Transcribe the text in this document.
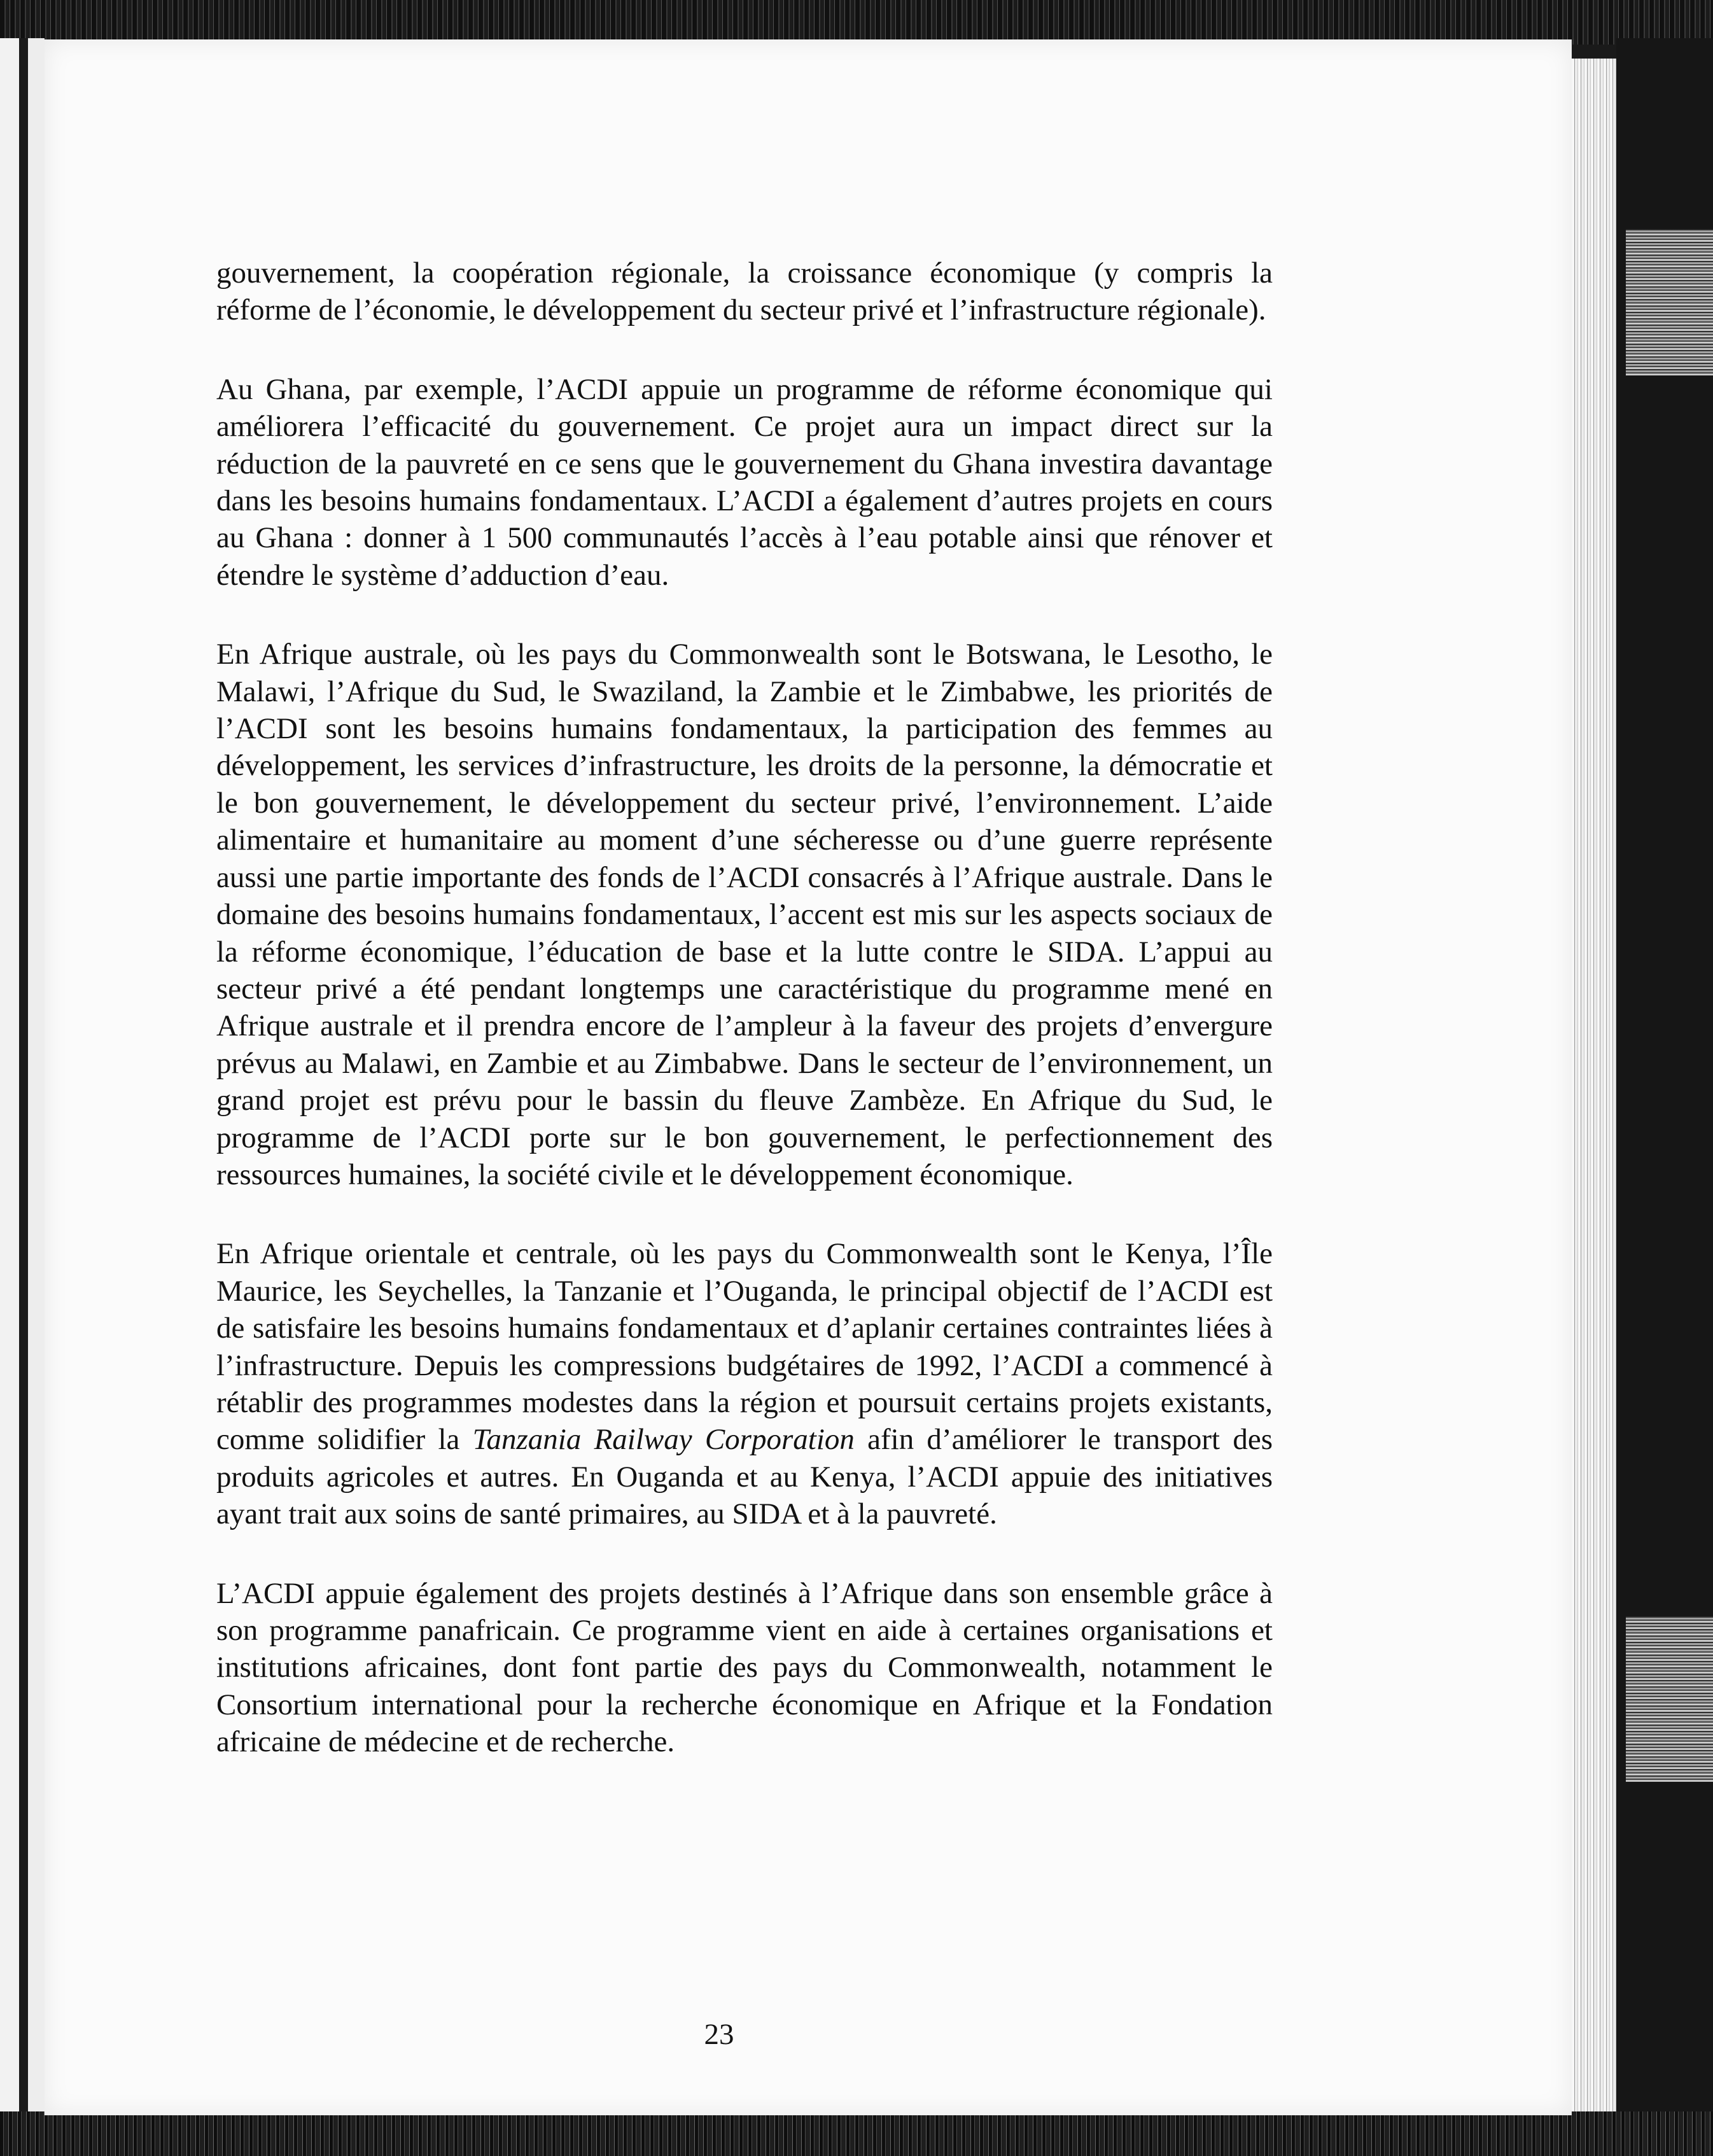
gouvernement, la coopération régionale, la croissance économique (y compris la réforme de l’économie, le développement du secteur privé et l’infrastructure régionale).

Au Ghana, par exemple, l’ACDI appuie un programme de réforme économique qui améliorera l’efficacité du gouvernement. Ce projet aura un impact direct sur la réduction de la pauvreté en ce sens que le gouvernement du Ghana investira davantage dans les besoins humains fondamentaux. L’ACDI a également d’autres projets en cours au Ghana : donner à 1 500 communautés l’accès à l’eau potable ainsi que rénover et étendre le système d’adduction d’eau.

En Afrique australe, où les pays du Commonwealth sont le Botswana, le Lesotho, le Malawi, l’Afrique du Sud, le Swaziland, la Zambie et le Zimbabwe, les priorités de l’ACDI sont les besoins humains fondamentaux, la participation des femmes au développement, les services d’infrastructure, les droits de la personne, la démocratie et le bon gouvernement, le développement du secteur privé, l’environnement. L’aide alimentaire et humanitaire au moment d’une sécheresse ou d’une guerre représente aussi une partie importante des fonds de l’ACDI consacrés à l’Afrique australe. Dans le domaine des besoins humains fondamentaux, l’accent est mis sur les aspects sociaux de la réforme économique, l’éducation de base et la lutte contre le SIDA. L’appui au secteur privé a été pendant longtemps une caractéristique du programme mené en Afrique australe et il prendra encore de l’ampleur à la faveur des projets d’envergure prévus au Malawi, en Zambie et au Zimbabwe. Dans le secteur de l’environnement, un grand projet est prévu pour le bassin du fleuve Zambèze. En Afrique du Sud, le programme de l’ACDI porte sur le bon gouvernement, le perfectionnement des ressources humaines, la société civile et le développement économique.

En Afrique orientale et centrale, où les pays du Commonwealth sont le Kenya, l’Île Maurice, les Seychelles, la Tanzanie et l’Ouganda, le principal objectif de l’ACDI est de satisfaire les besoins humains fondamentaux et d’aplanir certaines contraintes liées à l’infrastructure. Depuis les compressions budgétaires de 1992, l’ACDI a commencé à rétablir des programmes modestes dans la région et poursuit certains projets existants, comme solidifier la Tanzania Railway Corporation afin d’améliorer le transport des produits agricoles et autres. En Ouganda et au Kenya, l’ACDI appuie des initiatives ayant trait aux soins de santé primaires, au SIDA et à la pauvreté.

L’ACDI appuie également des projets destinés à l’Afrique dans son ensemble grâce à son programme panafricain. Ce programme vient en aide à certaines organisations et institutions africaines, dont font partie des pays du Commonwealth, notamment le Consortium international pour la recherche économique en Afrique et la Fondation africaine de médecine et de recherche.

23
